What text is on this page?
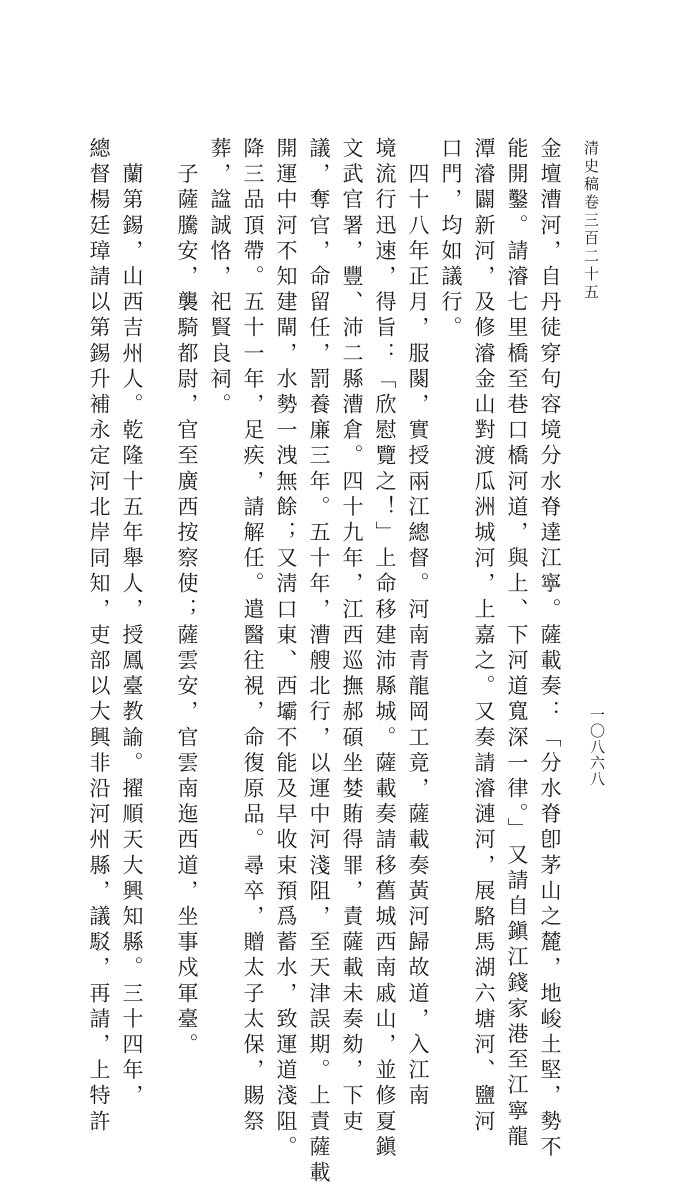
清史稿卷三百二十五
一〇八六八
金壇漕河，自丹徒穿句容境分水脊達江寧。薩載奏：「分水脊卽茅山之麓，地峻土堅，勢不
能開鑿。請濬七里橋至巷口橋河道，與上、下河道寬深一律。」又請自鎭江錢家港至江寧龍
潭濬闢新河，及修濬金山對渡瓜洲城河，上嘉之。又奏請濬漣河，展駱馬湖六塘河、鹽河
口門，均如議行。
　四十八年正月，服闋，實授兩江總督。河南青龍岡工竟，薩載奏黃河歸故道，入江南
境流行迅速，得旨：「欣慰覽之！」上命移建沛縣城。薩載奏請移舊城西南戚山，並修夏鎭
文武官署，豐、沛二縣漕倉。四十九年，江西巡撫郝碩坐婪賄得罪，責薩載未奏劾，下吏
議，奪官，命留任，罰養廉三年。五十年，漕艘北行，以運中河淺阻，至天津誤期。上責薩載
開運中河不知建閘，水勢一洩無餘；又淸口東、西壩不能及早收束預爲蓄水，致運道淺阻。
降三品頂帶。五十一年，足疾，請解任。遣醫往視，命復原品。尋卒，贈太子太保，賜祭
葬，諡誠恪，祀賢良祠。
　子薩騰安，襲騎都尉，官至廣西按察使；薩雲安，官雲南迤西道，坐事戍軍臺。
　蘭第錫，山西吉州人。乾隆十五年舉人，授鳳臺教諭。擢順天大興知縣。三十四年，
總督楊廷璋請以第錫升補永定河北岸同知，吏部以大興非沿河州縣，議駁，再請，上特許
